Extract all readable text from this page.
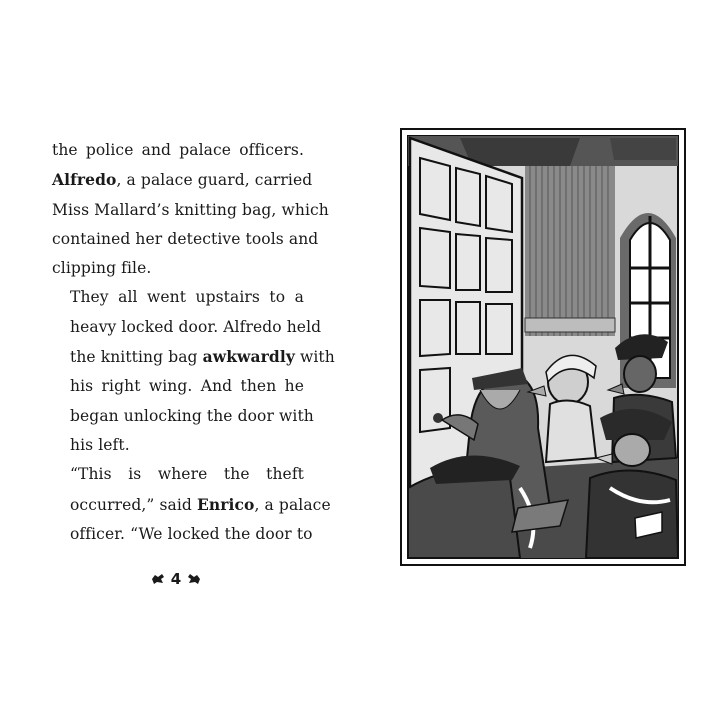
the police and palace officers.
Alfredo, a palace guard, carried
Miss Mallard’s knitting bag, which
contained her detective tools and
clipping file.

They all went upstairs to a
heavy locked door. Alfredo held
the knitting bag awkwardly with
his right wing. And then he
began unlocking the door with
his left.

“This is where the theft
occurred,” said Enrico, a palace
officer. “We locked the door to

4
